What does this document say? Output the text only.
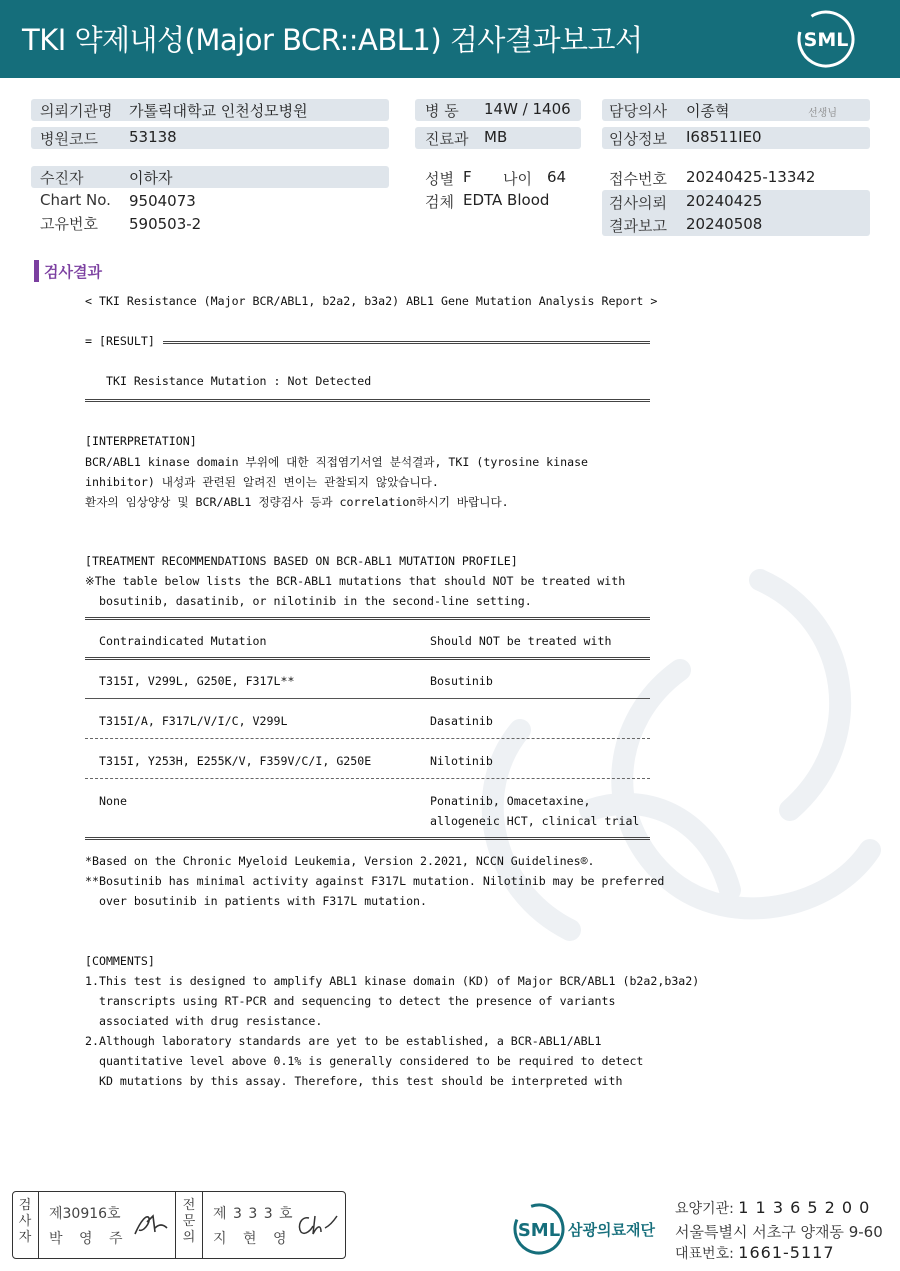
TKI 약제내성(Major BCR::ABL1) 검사결과보고서	SML
의뢰기관명 가톨릭대학교 인천성모병원
병원코드 53138
병 동 14W / 1406
진료과 MB
담당의사 이종혁	선생님
임상정보 I68511IE0
수진자	이하자
Chart No. 9504073
고유번호 590503-2
성별 F 나이 64
검체 EDTA Blood
접수번호 20240425-13342
검사의뢰 20240425
결과보고 20240508
검사결과
< TKI Resistance (Major BCR/ABL1, b2a2, b3a2) ABL1 Gene Mutation Analysis Report >
= [RESULT]
TKI Resistance Mutation : Not Detected
[INTERPRETATION]
BCR/ABL1 kinase domain 부위에 대한 직접염기서열 분석결과, TKI (tyrosine kinase
inhibitor) 내성과 관련된 알려진 변이는 관찰되지 않았습니다.
환자의 임상양상 및 BCR/ABL1 정량검사 등과 correlation하시기 바랍니다.
[TREATMENT RECOMMENDATIONS BASED ON BCR-ABL1 MUTATION PROFILE]
※The table below lists the BCR-ABL1 mutations that should NOT be treated with
bosutinib, dasatinib, or nilotinib in the second-line setting.
Contraindicated Mutation	Should NOT be treated with
T315I, V299L, G250E, F317L**	Bosutinib
T315I/A, F317L/V/I/C, V299L	Dasatinib
T315I, Y253H, E255K/V, F359V/C/I, G250E	Nilotinib
None	Ponatinib, Omacetaxine,
allogeneic HCT, clinical trial
*Based on the Chronic Myeloid Leukemia, Version 2.2021, NCCN Guidelines®.
**Bosutinib has minimal activity against F317L mutation. Nilotinib may be preferred
over bosutinib in patients with F317L mutation.
[COMMENTS]
1.This test is designed to amplify ABL1 kinase domain (KD) of Major BCR/ABL1 (b2a2,b3a2)
transcripts using RT-PCR and sequencing to detect the presence of variants
associated with drug resistance.
2.Although laboratory standards are yet to be established, a BCR-ABL1/ABL1
quantitative level above 0.1% is generally considered to be required to detect
KD mutations by this assay. Therefore, this test should be interpreted with
검사자
제30916호
박 영 주
전문의
제 3 3 3 호
지 현 영	SML 삼광의료재단
요양기관: 1 1 3 6 5 2 0 0
서울특별시 서초구 양재동 9-60
대표번호: 1661-5117
